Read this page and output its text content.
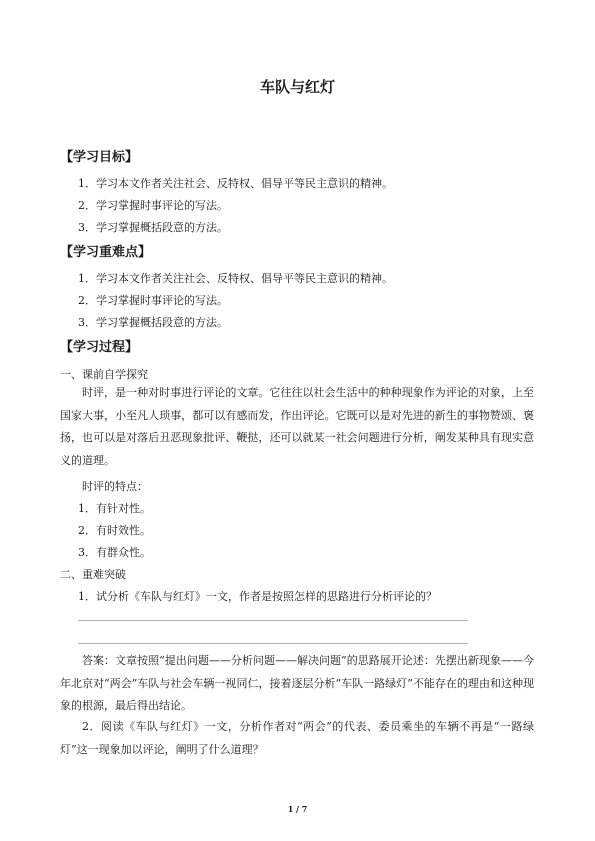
车队与红灯
【学习目标】
1．学习本文作者关注社会、反特权、倡导平等民主意识的精神。
2．学习掌握时事评论的写法。
3．学习掌握概括段意的方法。
【学习重难点】
1．学习本文作者关注社会、反特权、倡导平等民主意识的精神。
2．学习掌握时事评论的写法。
3．学习掌握概括段意的方法。
【学习过程】
一、课前自学探究
时评，是一种对时事进行评论的文章。它往往以社会生活中的种种现象作为评论的对象，上至国家大事，小至凡人琐事，都可以有感而发，作出评论。它既可以是对先进的新生的事物赞颂、褒扬，也可以是对落后丑恶现象批评、鞭挞，还可以就某一社会问题进行分析，阐发某种具有现实意义的道理。
时评的特点：
1．有针对性。
2．有时效性。
3．有群众性。
二、重难突破
1．试分析《车队与红灯》一文，作者是按照怎样的思路进行分析评论的？
答案：文章按照“提出问题——分析问题——解决问题”的思路展开论述：先摆出新现象——今年北京对“两会”车队与社会车辆一视同仁，接着逐层分析“车队一路绿灯”不能存在的理由和这种现象的根源，最后得出结论。
2．阅读《车队与红灯》一文，分析作者对“两会”的代表、委员乘坐的车辆不再是“一路绿灯”这一现象加以评论，阐明了什么道理？
1 / 7
